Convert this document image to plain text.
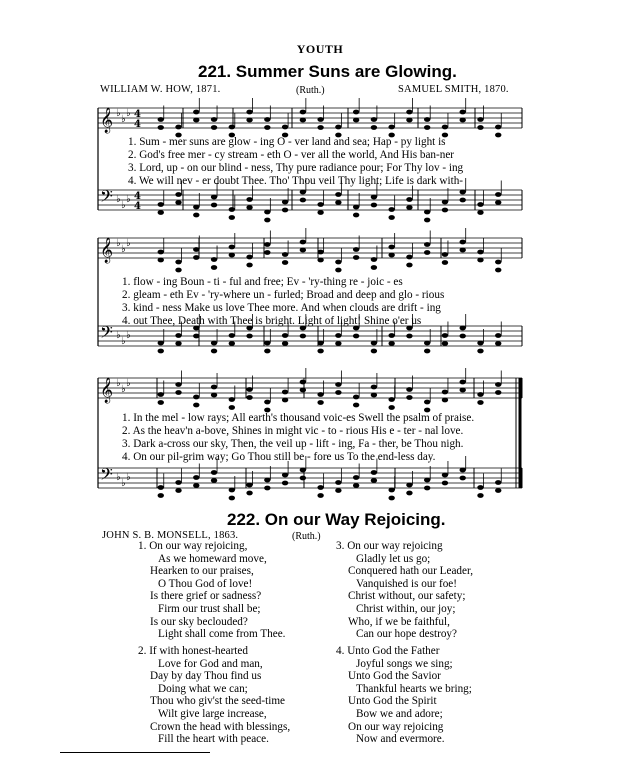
YOUTH
221. Summer Suns are Glowing.
WILLIAM W. HOW, 1871.	(Ruth.)	SAMUEL SMITH, 1870.
𝄞
𝄢
♭
♭
♭
♭
♭
♭
4
4
4
4
𝄞
𝄢
♭
♭
♭
♭
♭
♭
𝄞
𝄢
♭
♭
♭
♭
♭
♭
1. Sum - mer suns are glow - ing O - ver land and sea; Hap - py light is
2. God's free mer - cy stream - eth O - ver all the world, And His ban-ner
3. Lord, up - on our blind - ness, Thy pure radiance pour; For Thy lov - ing
4. We will nev - er doubt Thee. Tho' Thou veil Thy light; Life is dark with-
1. flow - ing Boun - ti - ful and free; Ev - 'ry-thing re - joic - es
2. gleam - eth Ev - 'ry-where un - furled; Broad and deep and glo - rious
3. kind - ness Make us love Thee more. And when clouds are drift - ing
4. out Thee, Death with Thee is bright. Light of light! Shine o'er us
1. In the mel - low rays; All earth's thousand voic-es Swell the psalm of praise.
2. As the heav'n a-bove, Shines in might vic - to - rious His e - ter - nal love.
3. Dark a-cross our sky, Then, the veil up - lift - ing, Fa - ther, be Thou nigh.
4. On our pil-grim way; Go Thou still be - fore us To the end-less day.
222. On our Way Rejoicing.
JOHN S. B. MONSELL, 1863.	(Ruth.)
1. On our way rejoicing,
As we homeward move,
Hearken to our praises,
O Thou God of love!
Is there grief or sadness?
Firm our trust shall be;
Is our sky beclouded?
Light shall come from Thee.
2. If with honest-hearted
Love for God and man,
Day by day Thou find us
Doing what we can;
Thou who giv'st the seed-time
Wilt give large increase,
Crown the head with blessings,
Fill the heart with peace.
3. On our way rejoicing
Gladly let us go;
Conquered hath our Leader,
Vanquished is our foe!
Christ without, our safety;
Christ within, our joy;
Who, if we be faithful,
Can our hope destroy?
4. Unto God the Father
Joyful songs we sing;
Unto God the Savior
Thankful hearts we bring;
Unto God the Spirit
Bow we and adore;
On our way rejoicing
Now and evermore.
